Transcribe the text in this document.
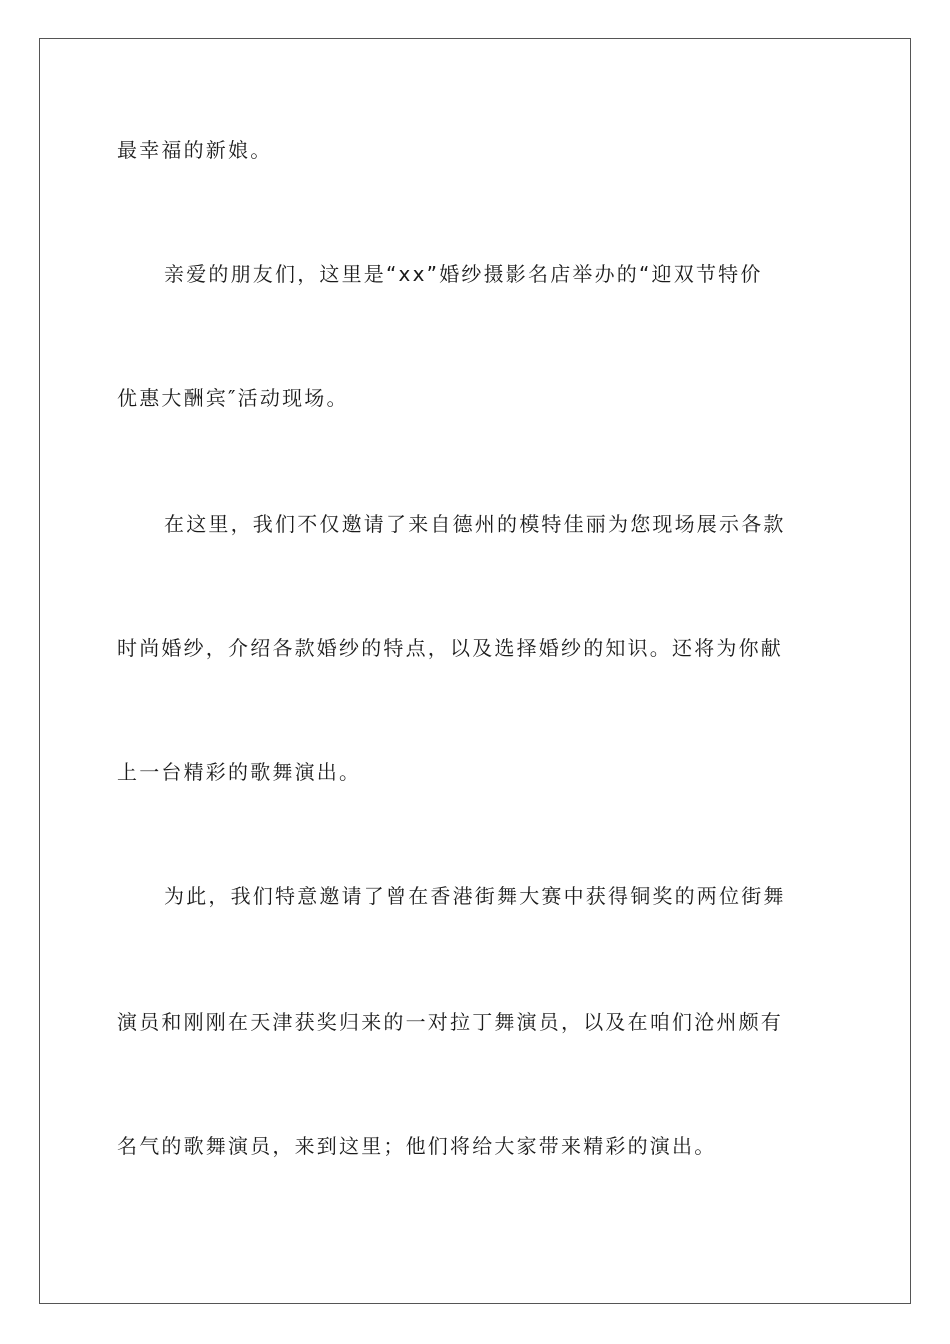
最幸福的新娘。
亲爱的朋友们，这里是“xx”婚纱摄影名店举办的“迎双节特价
优惠大酬宾″活动现场。
在这里，我们不仅邀请了来自德州的模特佳丽为您现场展示各款
时尚婚纱，介绍各款婚纱的特点，以及选择婚纱的知识。还将为你献
上一台精彩的歌舞演出。
为此，我们特意邀请了曾在香港街舞大赛中获得铜奖的两位街舞
演员和刚刚在天津获奖归来的一对拉丁舞演员，以及在咱们沧州颇有
名气的歌舞演员，来到这里；他们将给大家带来精彩的演出。
